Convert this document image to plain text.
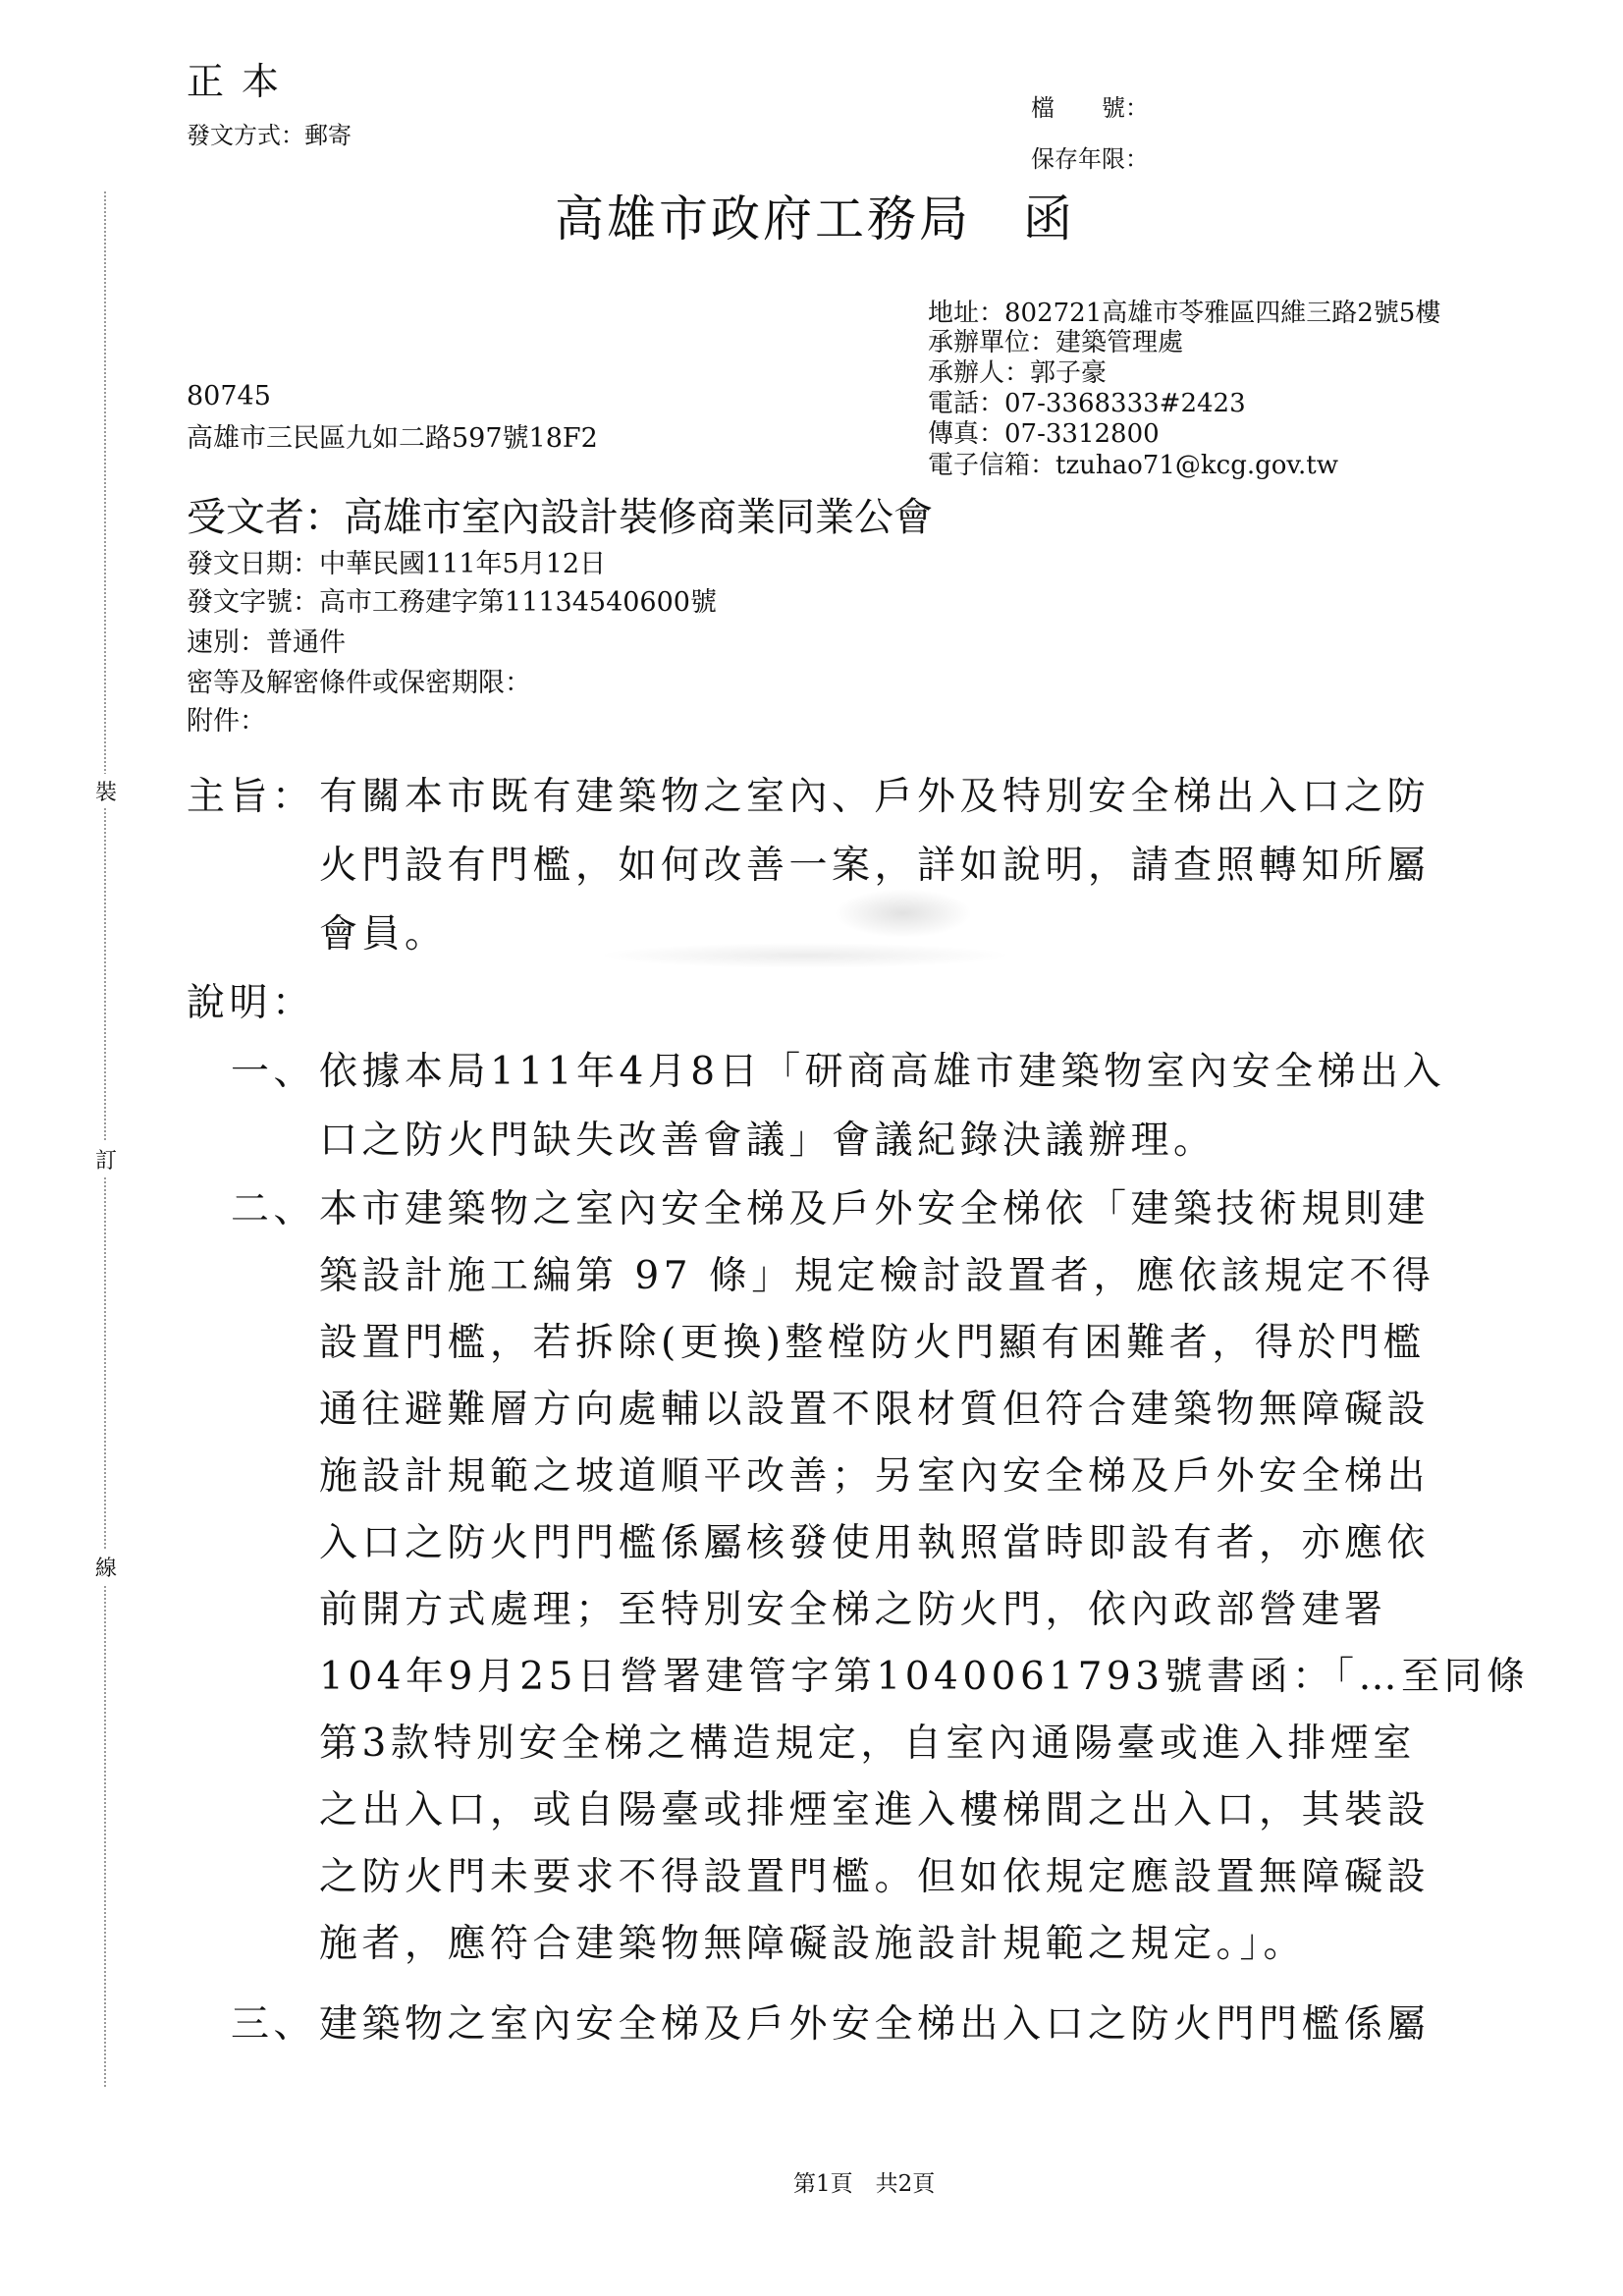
裝
訂
線
正本
發文方式：郵寄
檔　　號：
保存年限：
高雄市政府工務局　函
地址：802721高雄市苓雅區四維三路2號5樓
承辦單位：建築管理處
承辦人：郭子豪
電話：07-3368333#2423
傳真：07-3312800
電子信箱：tzuhao71@kcg.gov.tw
80745
高雄市三民區九如二路597號18F2
受文者：高雄市室內設計裝修商業同業公會
發文日期：中華民國111年5月12日
發文字號：高市工務建字第11134540600號
速別：普通件
密等及解密條件或保密期限：
附件：
主旨： 有關本市既有建築物之室內、戶外及特別安全梯出入口之防
火門設有門檻，如何改善一案，詳如說明，請查照轉知所屬
會員。
說明：
一、 依據本局111年4月8日「研商高雄市建築物室內安全梯出入
口之防火門缺失改善會議」會議紀錄決議辦理。
二、 本市建築物之室內安全梯及戶外安全梯依「建築技術規則建
築設計施工編第 97 條」規定檢討設置者，應依該規定不得
設置門檻，若拆除(更換)整樘防火門顯有困難者，得於門檻
通往避難層方向處輔以設置不限材質但符合建築物無障礙設
施設計規範之坡道順平改善；另室內安全梯及戶外安全梯出
入口之防火門門檻係屬核發使用執照當時即設有者，亦應依
前開方式處理；至特別安全梯之防火門，依內政部營建署
104年9月25日營署建管字第1040061793號書函：「…至同條
第3款特別安全梯之構造規定，自室內通陽臺或進入排煙室
之出入口，或自陽臺或排煙室進入樓梯間之出入口，其裝設
之防火門未要求不得設置門檻。但如依規定應設置無障礙設
施者，應符合建築物無障礙設施設計規範之規定。」。
三、 建築物之室內安全梯及戶外安全梯出入口之防火門門檻係屬
第1頁　共2頁
